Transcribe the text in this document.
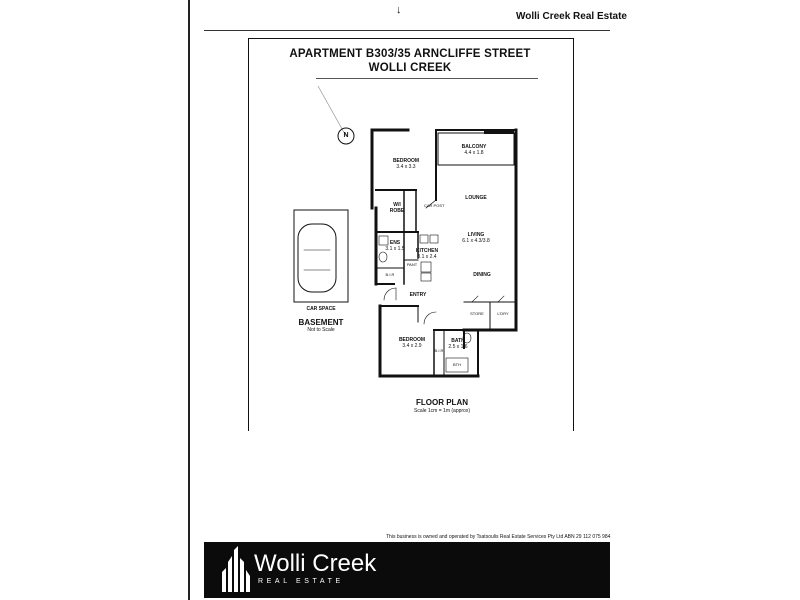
↓
Wolli Creek Real Estate
APARTMENT B303/35 ARNCLIFFE STREET
WOLLI CREEK
N
BALCONY
4.4 x 1.8
BEDROOM
3.4 x 3.3
W/I
ROBE
CAR POST
LOUNGE
LIVING
6.1 x 4.3/3.8
ENS
3.1 x 1.5	KITCHEN
3.1 x 2.4
PANT
B.I.R	DINING
ENTRY
STORE	L'DRY
BEDROOM
3.4 x 2.9
BATH
2.5 x 1.6
B.I.R
BTH
CAR SPACE
BASEMENT
Not to Scale
FLOOR PLAN
Scale 1cm = 1m (approx)
This business is owned and operated by Tsatsoulis Real Estate Services Pty Ltd ABN 29 112 075 984
Wolli Creek
REAL ESTATE
